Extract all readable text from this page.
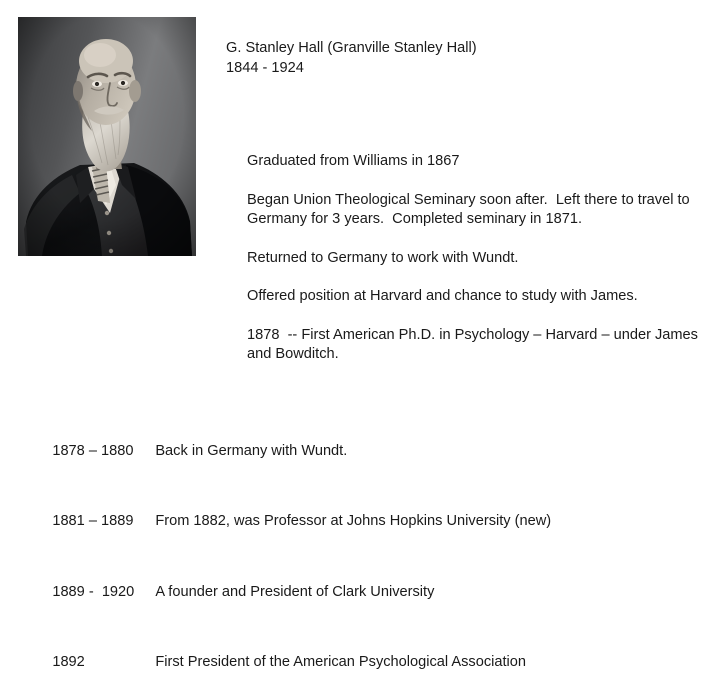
G. Stanley Hall (Granville Stanley Hall)
1844 - 1924

Graduated from Williams in 1867

Began Union Theological Seminary soon after.  Left there to travel to Germany for 3 years.  Completed seminary in 1871.

Returned to Germany to work with Wundt.

Offered position at Harvard and chance to study with James.

1878  -- First American Ph.D. in Psychology – Harvard – under James and Bowditch.

1878 – 1880 Back in Germany with Wundt.

1881 – 1889 From 1882, was Professor at Johns Hopkins University (new)

1889 -  1920 A founder and President of Clark University

1892	First President of the American Psychological Association
